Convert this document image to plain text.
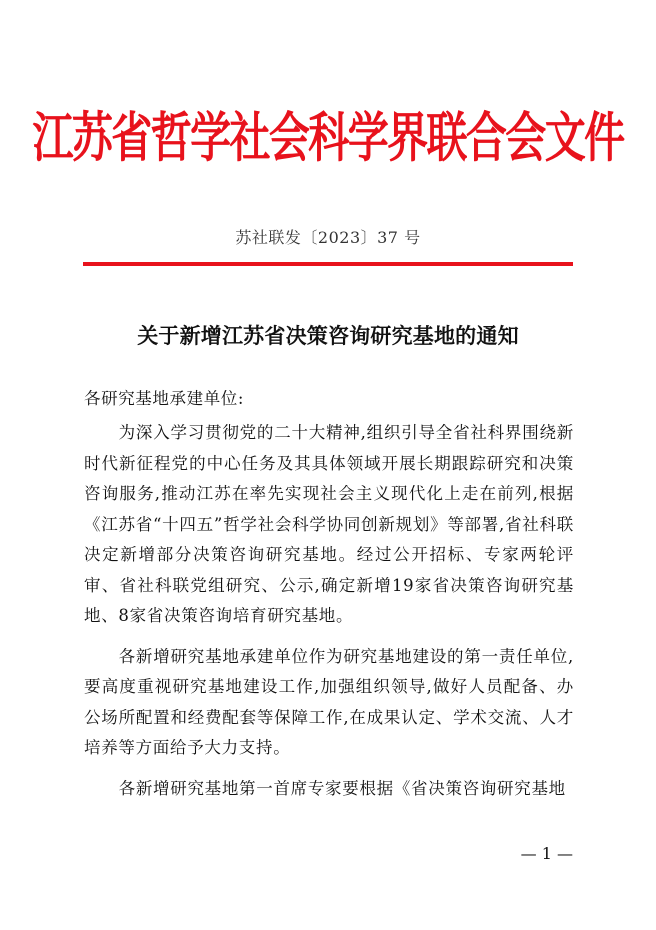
江苏省哲学社会科学界联合会文件
苏社联发〔2023〕37 号
关于新增江苏省决策咨询研究基地的通知

各研究基地承建单位:

为深入学习贯彻党的二十大精神,组织引导全省社科界围绕新时代新征程党的中心任务及其具体领域开展长期跟踪研究和决策咨询服务,推动江苏在率先实现社会主义现代化上走在前列,根据《江苏省“十四五”哲学社会科学协同创新规划》等部署,省社科联决定新增部分决策咨询研究基地。经过公开招标、专家两轮评审、省社科联党组研究、公示,确定新增19家省决策咨询研究基地、8家省决策咨询培育研究基地。

各新增研究基地承建单位作为研究基地建设的第一责任单位,要高度重视研究基地建设工作,加强组织领导,做好人员配备、办公场所配置和经费配套等保障工作,在成果认定、学术交流、人才培养等方面给予大力支持。

各新增研究基地第一首席专家要根据《省决策咨询研究基地

— 1 —
